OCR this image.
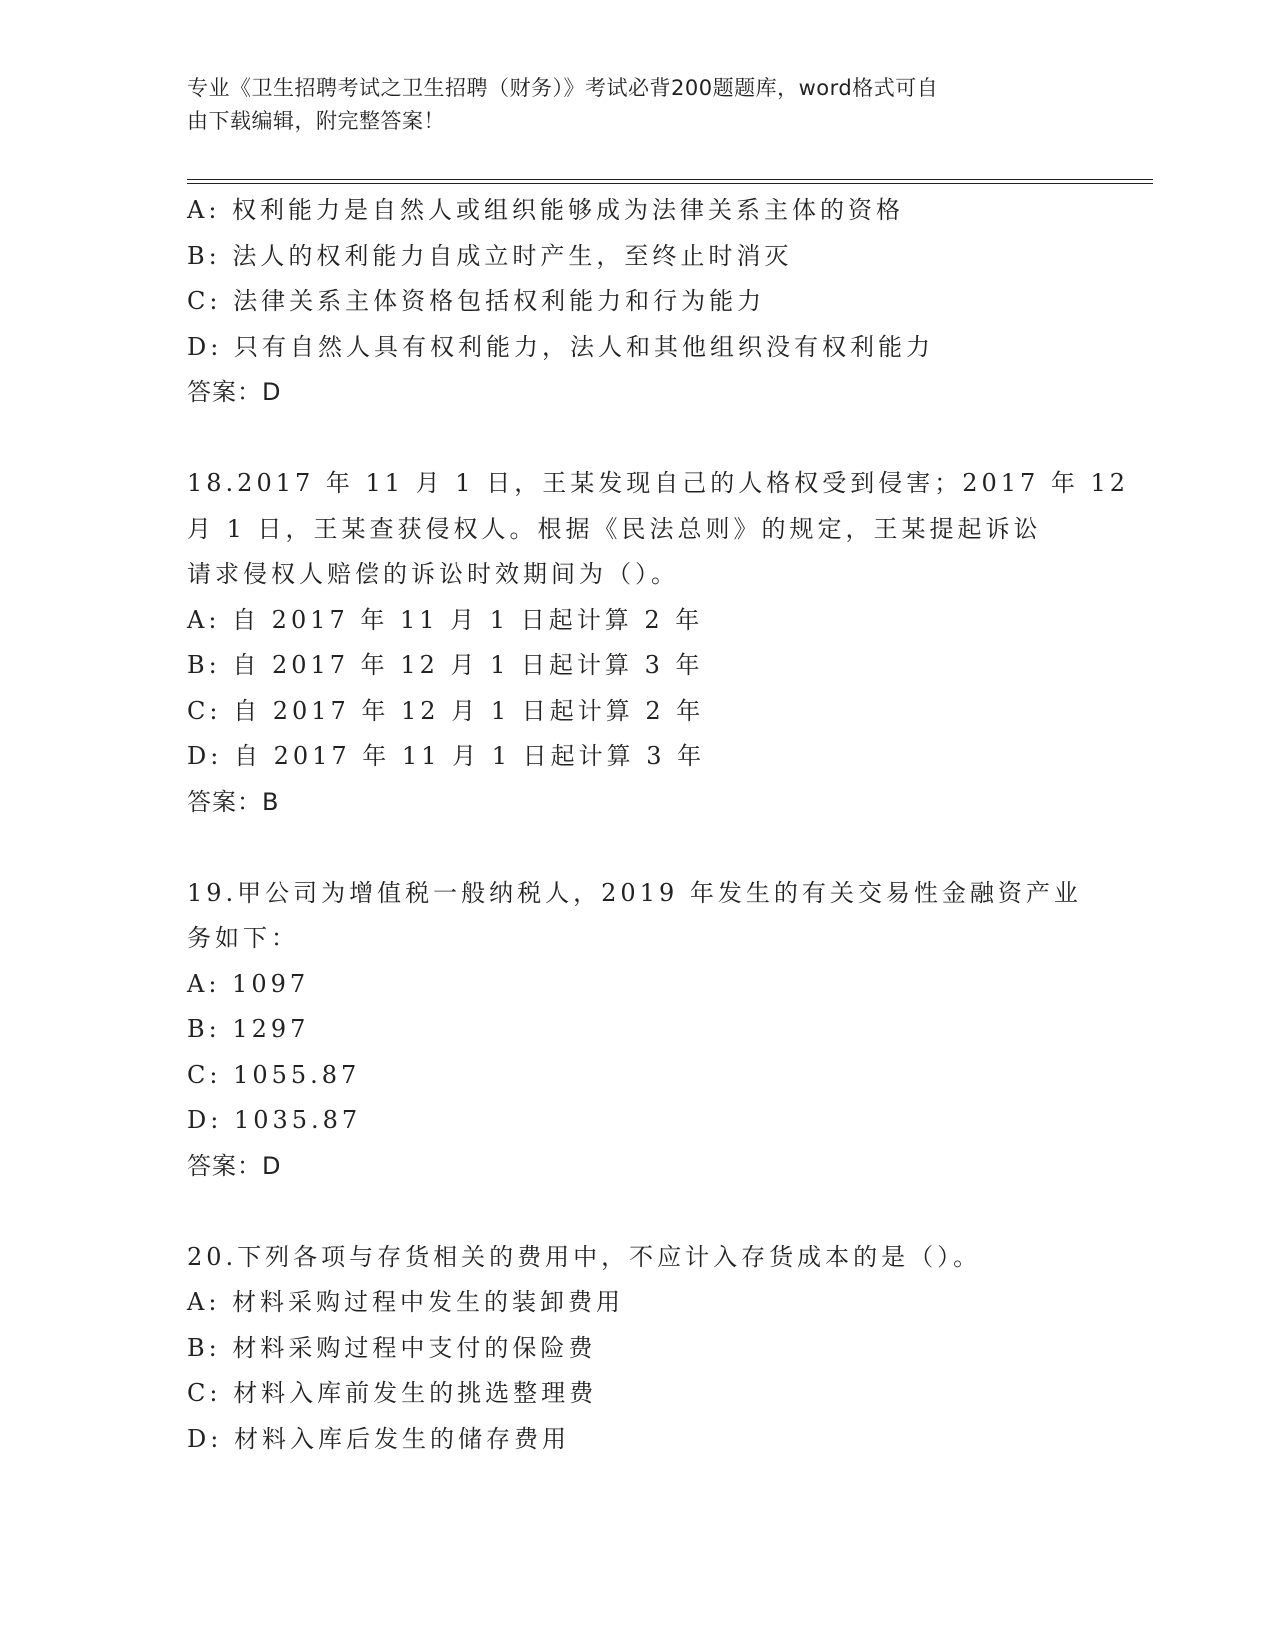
专业《卫生招聘考试之卫生招聘（财务）》考试必背200题题库，word格式可自
由下载编辑，附完整答案！
A: 权利能力是自然人或组织能够成为法律关系主体的资格
B: 法人的权利能力自成立时产生，至终止时消灭
C: 法律关系主体资格包括权利能力和行为能力
D: 只有自然人具有权利能力，法人和其他组织没有权利能力
答案：D
18.2017 年 11 月 1 日，王某发现自己的人格权受到侵害；2017 年 12
月 1 日，王某查获侵权人。根据《民法总则》的规定，王某提起诉讼
请求侵权人赔偿的诉讼时效期间为（）。
A: 自 2017 年 11 月 1 日起计算 2 年
B: 自 2017 年 12 月 1 日起计算 3 年
C: 自 2017 年 12 月 1 日起计算 2 年
D: 自 2017 年 11 月 1 日起计算 3 年
答案：B
19.甲公司为增值税一般纳税人，2019 年发生的有关交易性金融资产业
务如下：
A: 1097
B: 1297
C: 1055.87
D: 1035.87
答案：D
20.下列各项与存货相关的费用中，不应计入存货成本的是（）。
A: 材料采购过程中发生的装卸费用
B: 材料采购过程中支付的保险费
C: 材料入库前发生的挑选整理费
D: 材料入库后发生的储存费用
